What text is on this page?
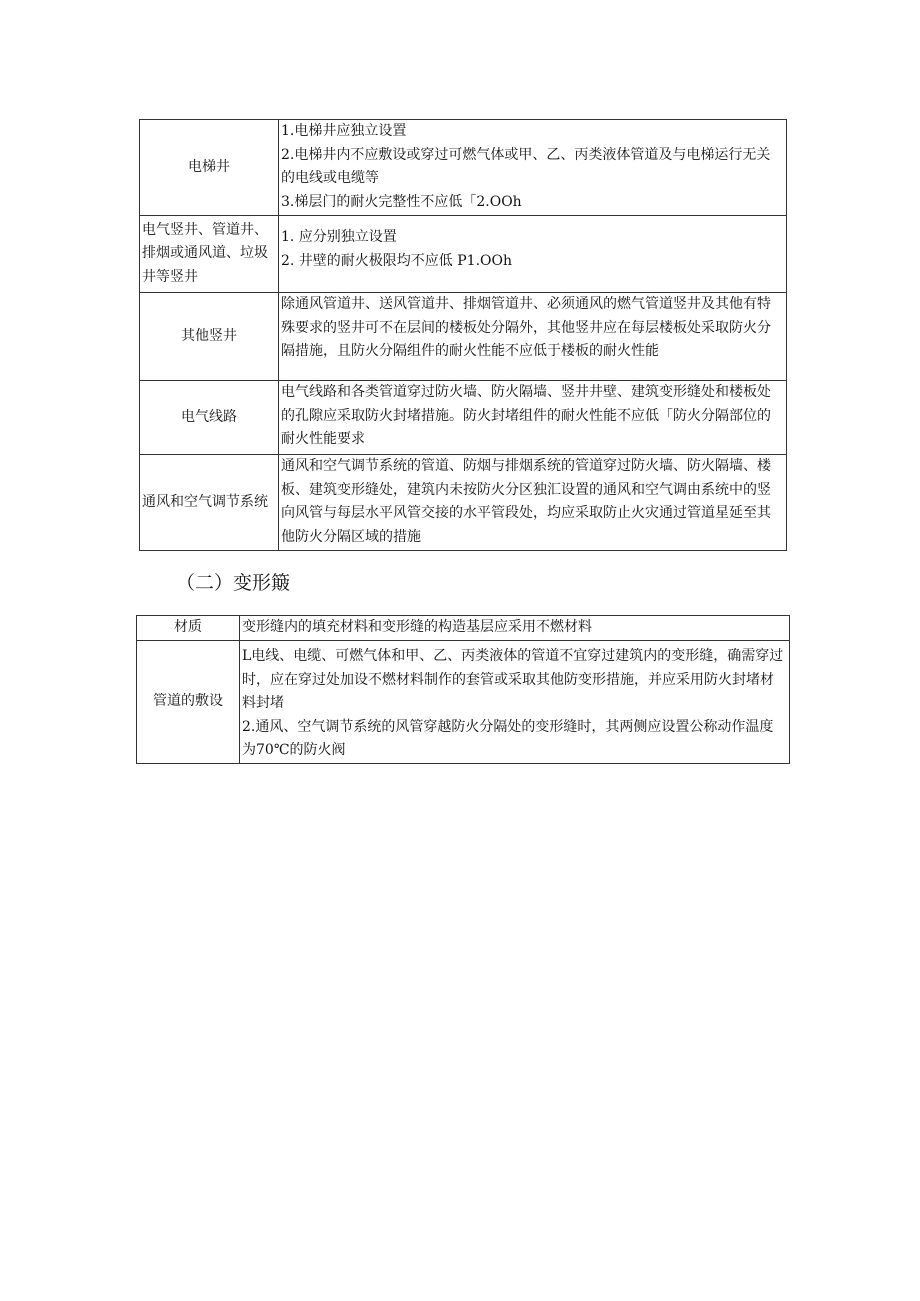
电梯井	1.电梯井应独立设置
2.电梯井内不应敷设或穿过可燃气体或甲、乙、丙类液体管道及与电梯运行无关的电线或电缆等
3.梯层门的耐火完整性不应低「2.OOh

电气竖井、管道井、排烟或通风道、垃圾井等竖井	1. 应分别独立设置
2. 井壁的耐火极限均不应低 P1.OOh

其他竖井	除通风管道井、送风管道井、排烟管道井、必须通风的燃气管道竖井及其他有特殊要求的竖井可不在层间的楼板处分隔外，其他竖井应在每层楼板处采取防火分隔措施，且防火分隔组件的耐火性能不应低于楼板的耐火性能

电气线路	电气线路和各类管道穿过防火墙、防火隔墙、竖井井壁、建筑变形缝处和楼板处的孔隙应采取防火封堵措施。防火封堵组件的耐火性能不应低「防火分隔部位的耐火性能要求

通风和空气调节系统	通风和空气调节系统的管道、防烟与排烟系统的管道穿过防火墙、防火隔墙、楼板、建筑变形缝处，建筑内未按防火分区独汇设置的通风和空气调由系统中的竖向风管与每层水平风管交接的水平管段处，均应采取防止火灾通过管道星延至其他防火分隔区域的措施
（二）变形簸
材质	变形缝内的填充材料和变形缝的构造基层应采用不燃材料

管道的敷设	L电线、电缆、可燃气体和甲、乙、丙类液体的管道不宜穿过建筑内的变形缝，确需穿过时，应在穿过处加设不燃材料制作的套管或采取其他防变形措施，并应采用防火封堵材料封堵
2.通风、空气调节系统的风管穿越防火分隔处的变形缝时，其两侧应设置公称动作温度为70℃的防火阀
